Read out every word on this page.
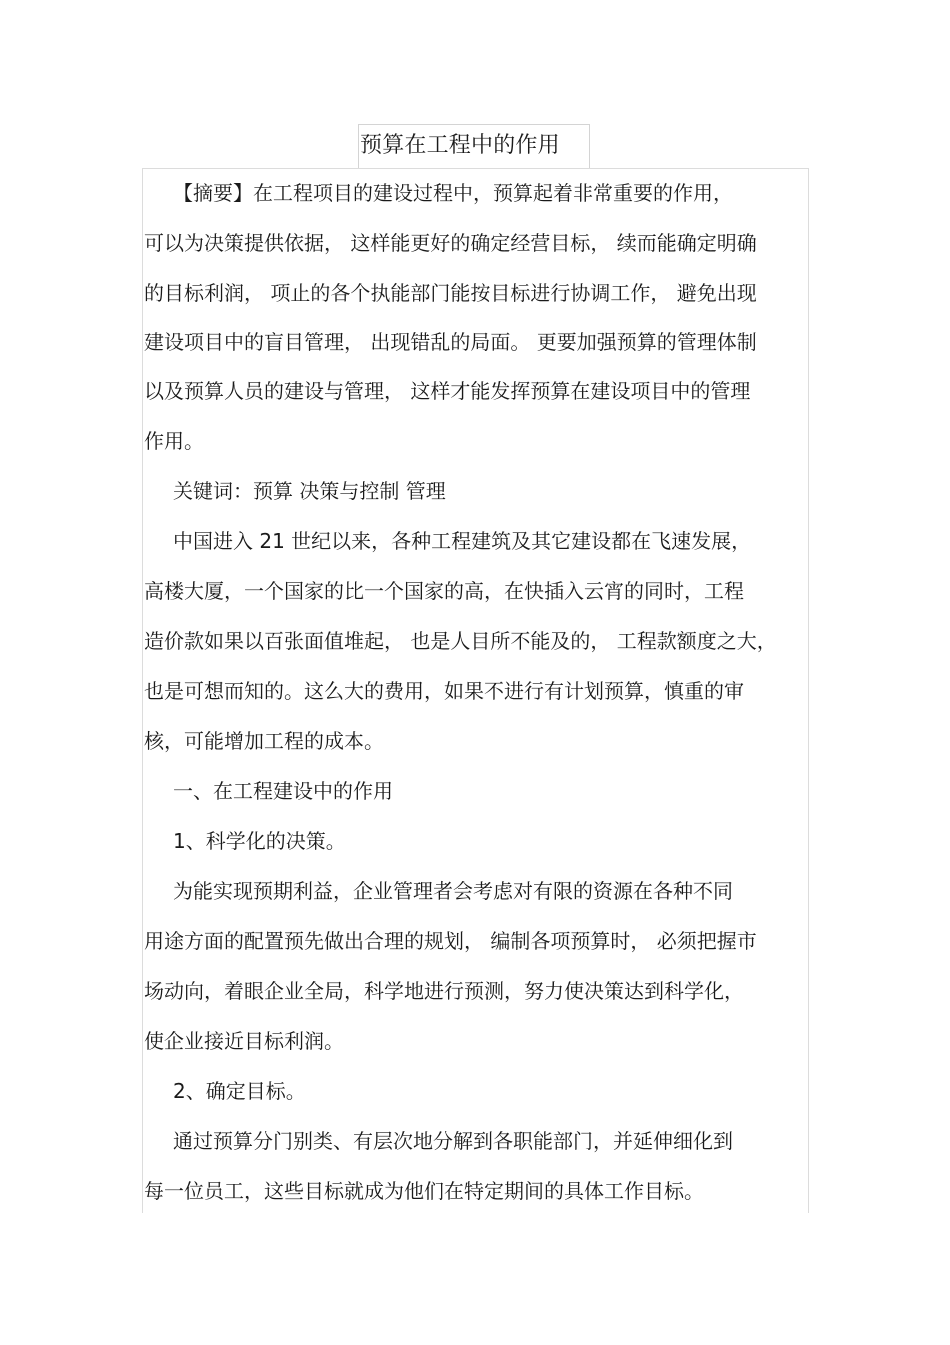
预算在工程中的作用
【摘要】在工程项目的建设过程中，预算起着非常重要的作用，
可以为决策提供依据， 这样能更好的确定经营目标， 续而能确定明确
的目标利润， 项止的各个执能部门能按目标进行协调工作， 避免出现
建设项目中的盲目管理， 出现错乱的局面。 更要加强预算的管理体制
以及预算人员的建设与管理， 这样才能发挥预算在建设项目中的管理
作用。
关键词：预算 决策与控制 管理
中国进入 21 世纪以来，各种工程建筑及其它建设都在飞速发展，
高楼大厦，一个国家的比一个国家的高，在快插入云宵的同时，工程
造价款如果以百张面值堆起， 也是人目所不能及的， 工程款额度之大，
也是可想而知的。这么大的费用，如果不进行有计划预算，慎重的审
核，可能增加工程的成本。
一、在工程建设中的作用
1、科学化的决策。
为能实现预期利益，企业管理者会考虑对有限的资源在各种不同
用途方面的配置预先做出合理的规划， 编制各项预算时， 必须把握市
场动向，着眼企业全局，科学地进行预测，努力使决策达到科学化，
使企业接近目标利润。
2、确定目标。
通过预算分门别类、有层次地分解到各职能部门，并延伸细化到
每一位员工，这些目标就成为他们在特定期间的具体工作目标。
